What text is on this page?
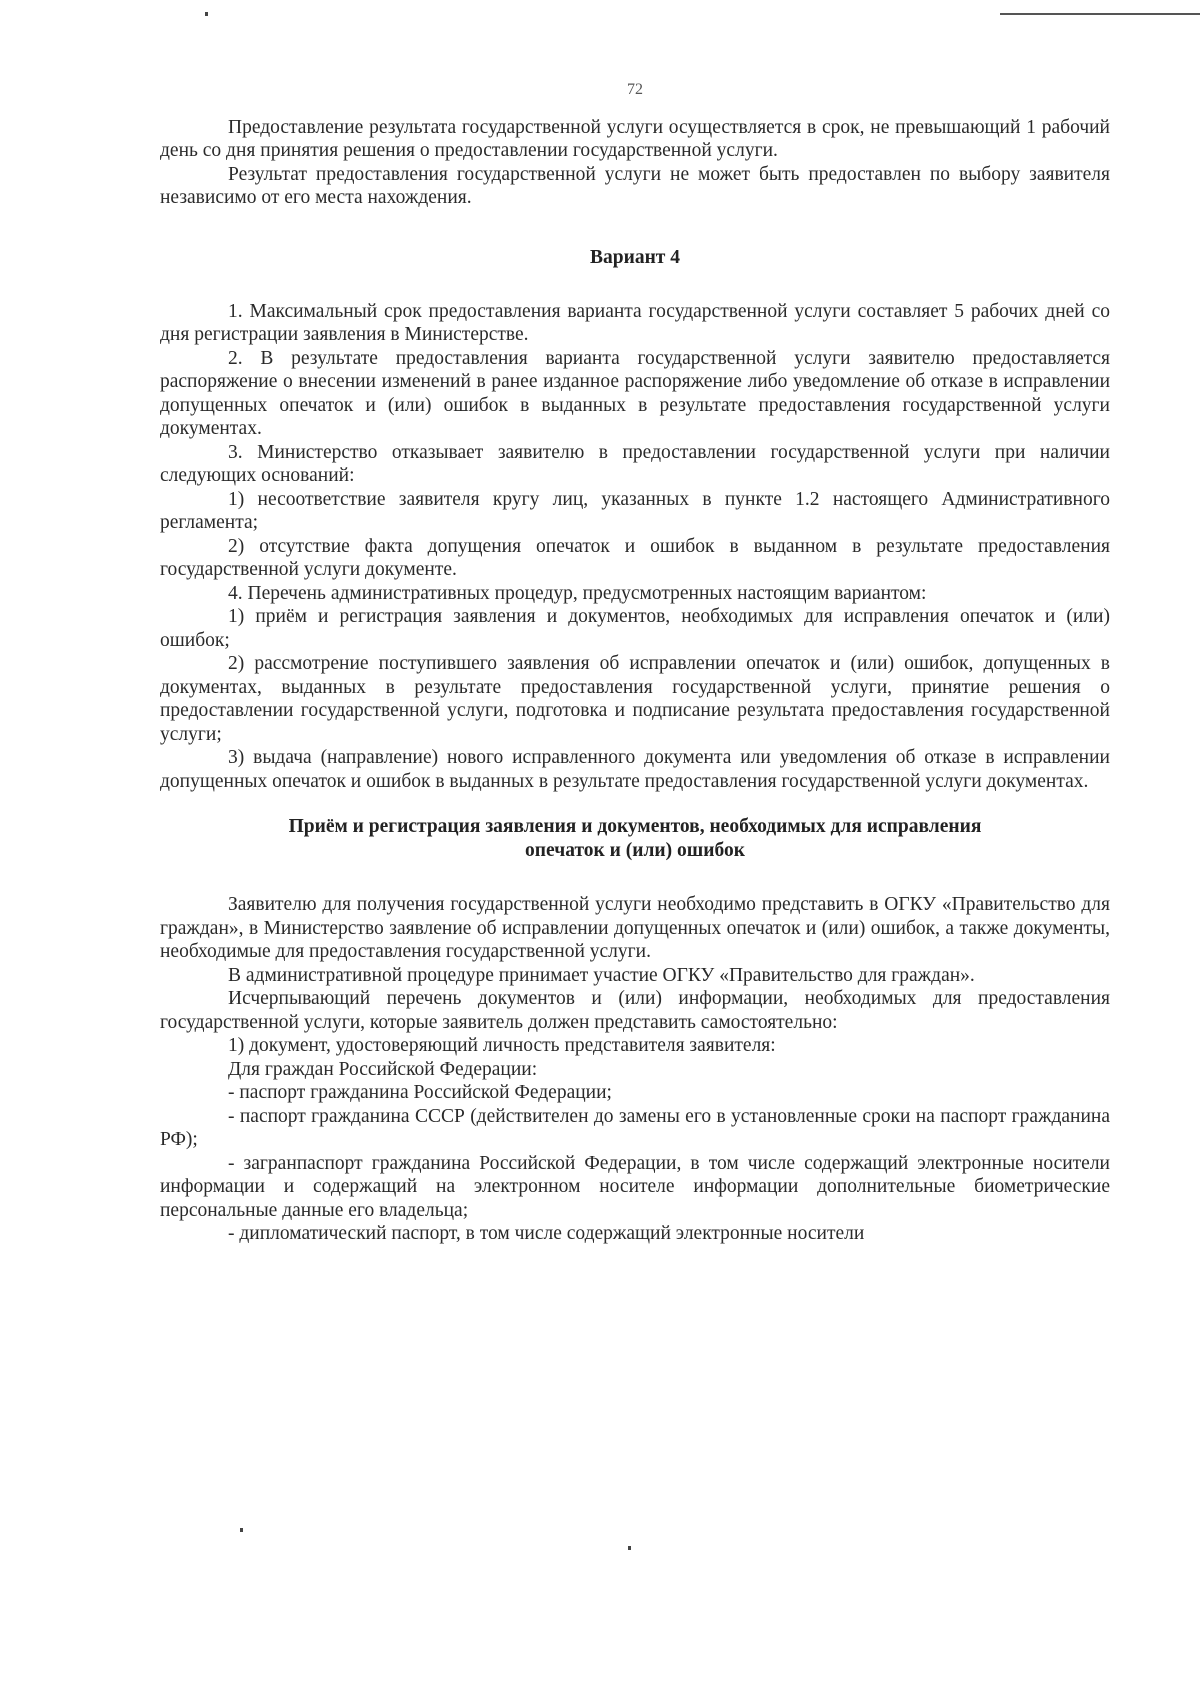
72

Предоставление результата государственной услуги осуществляется в срок, не превышающий 1 рабочий день со дня принятия решения о предоставлении государственной услуги.

Результат предоставления государственной услуги не может быть предоставлен по выбору заявителя независимо от его места нахождения.

Вариант 4

1. Максимальный срок предоставления варианта государственной услуги составляет 5 рабочих дней со дня регистрации заявления в Министерстве.

2. В результате предоставления варианта государственной услуги заявителю предоставляется распоряжение о внесении изменений в ранее изданное распоряжение либо уведомление об отказе в исправлении допущенных опечаток и (или) ошибок в выданных в результате предоставления государственной услуги документах.

3. Министерство отказывает заявителю в предоставлении государственной услуги при наличии следующих оснований:

1) несоответствие заявителя кругу лиц, указанных в пункте 1.2 настоящего Административного регламента;

2) отсутствие факта допущения опечаток и ошибок в выданном в результате предоставления государственной услуги документе.

4. Перечень административных процедур, предусмотренных настоящим вариантом:

1) приём и регистрация заявления и документов, необходимых для исправления опечаток и (или) ошибок;

2) рассмотрение поступившего заявления об исправлении опечаток и (или) ошибок, допущенных в документах, выданных в результате предоставления государственной услуги, принятие решения о предоставлении государственной услуги, подготовка и подписание результата предоставления государственной услуги;

3) выдача (направление) нового исправленного документа или уведомления об отказе в исправлении допущенных опечаток и ошибок в выданных в результате предоставления государственной услуги документах.

Приём и регистрация заявления и документов, необходимых для исправления
опечаток и (или) ошибок

Заявителю для получения государственной услуги необходимо представить в ОГКУ «Правительство для граждан», в Министерство заявление об исправлении допущенных опечаток и (или) ошибок, а также документы, необходимые для предоставления государственной услуги.

В административной процедуре принимает участие ОГКУ «Правительство для граждан».

Исчерпывающий перечень документов и (или) информации, необходимых для предоставления государственной услуги, которые заявитель должен представить самостоятельно:

1) документ, удостоверяющий личность представителя заявителя:

Для граждан Российской Федерации:

- паспорт гражданина Российской Федерации;

- паспорт гражданина СССР (действителен до замены его в установленные сроки на паспорт гражданина РФ);

- загранпаспорт гражданина Российской Федерации, в том числе содержащий электронные носители информации и содержащий на электронном носителе информации дополнительные биометрические персональные данные его владельца;

- дипломатический паспорт, в том числе содержащий электронные носители
